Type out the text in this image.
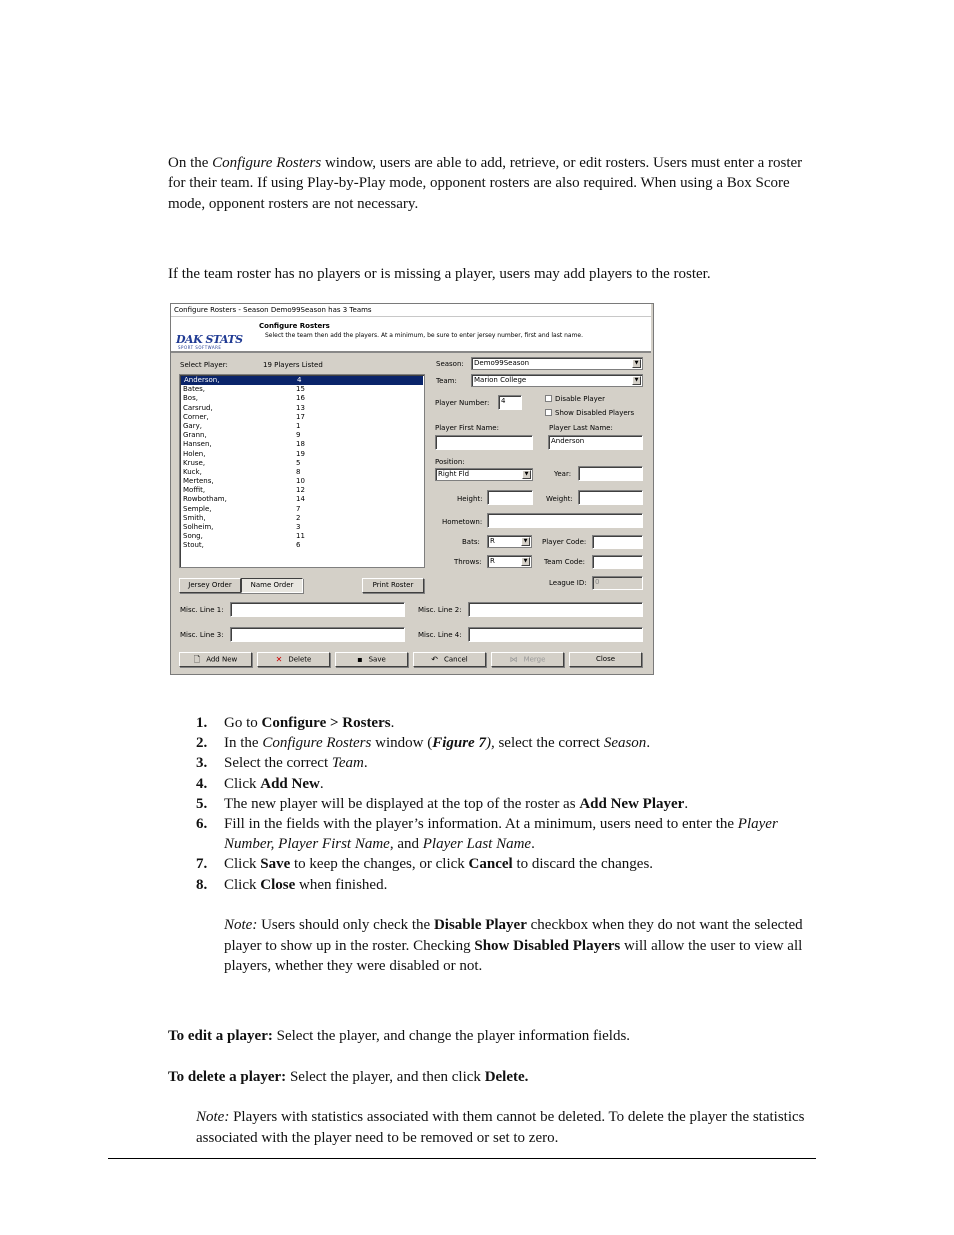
On the Configure Rosters window, users are able to add, retrieve, or edit rosters. Users must enter a roster for their team. If using Play-by-Play mode, opponent rosters are also required. When using a Box Score mode, opponent rosters are not necessary.
If the team roster has no players or is missing a player, users may add players to the roster.
Configure Rosters - Season Demo99Season has 3 Teams
DAK STATS
SPORT SOFTWARE
Configure Rosters
Select the team then add the players. At a minimum, be sure to enter jersey number, first and last name.
Select Player:	19 Players Listed
Anderson,	4
Bates,	15
Bos,	16
Carsrud,	13
Corner,	17
Gary,	1
Grann,	9
Hansen,	18
Holen,	19
Kruse,	5
Kuck,	8
Mertens,	10
Moffit,	12
Rowbotham,	14
Semple,	7
Smith,	2
Solheim,	3
Song,	11
Stout,	6
Jersey Order	Name Order	Print Roster
Season:	Demo99Season	▼
Team:	Marion College	▼
Player Number:	4	Disable Player
Show Disabled Players
Player First Name:	Player Last Name:
Anderson
Position:
Right Fld	▼	Year:
Height:	Weight:
Hometown:
Bats:	R	▼	Player Code:
Throws:	R	▼	Team Code:
League ID:	0
Misc. Line 1:	Misc. Line 2:
Misc. Line 3:	Misc. Line 4:
🗋 Add New	✕ Delete	▪ Save	↶ Cancel	⋈ Merge	Close
1. Go to Configure > Rosters.
2. In the Configure Rosters window (Figure 7), select the correct Season.
3. Select the correct Team.
4. Click Add New.
5. The new player will be displayed at the top of the roster as Add New Player.
6. Fill in the fields with the player’s information. At a minimum, users need to enter the Player Number, Player First Name, and Player Last Name.
7. Click Save to keep the changes, or click Cancel to discard the changes.
8. Click Close when finished.
Note: Users should only check the Disable Player checkbox when they do not want the selected player to show up in the roster. Checking Show Disabled Players will allow the user to view all players, whether they were disabled or not.
To edit a player: Select the player, and change the player information fields.
To delete a player: Select the player, and then click Delete.
Note: Players with statistics associated with them cannot be deleted. To delete the player the statistics associated with the player need to be removed or set to zero.
